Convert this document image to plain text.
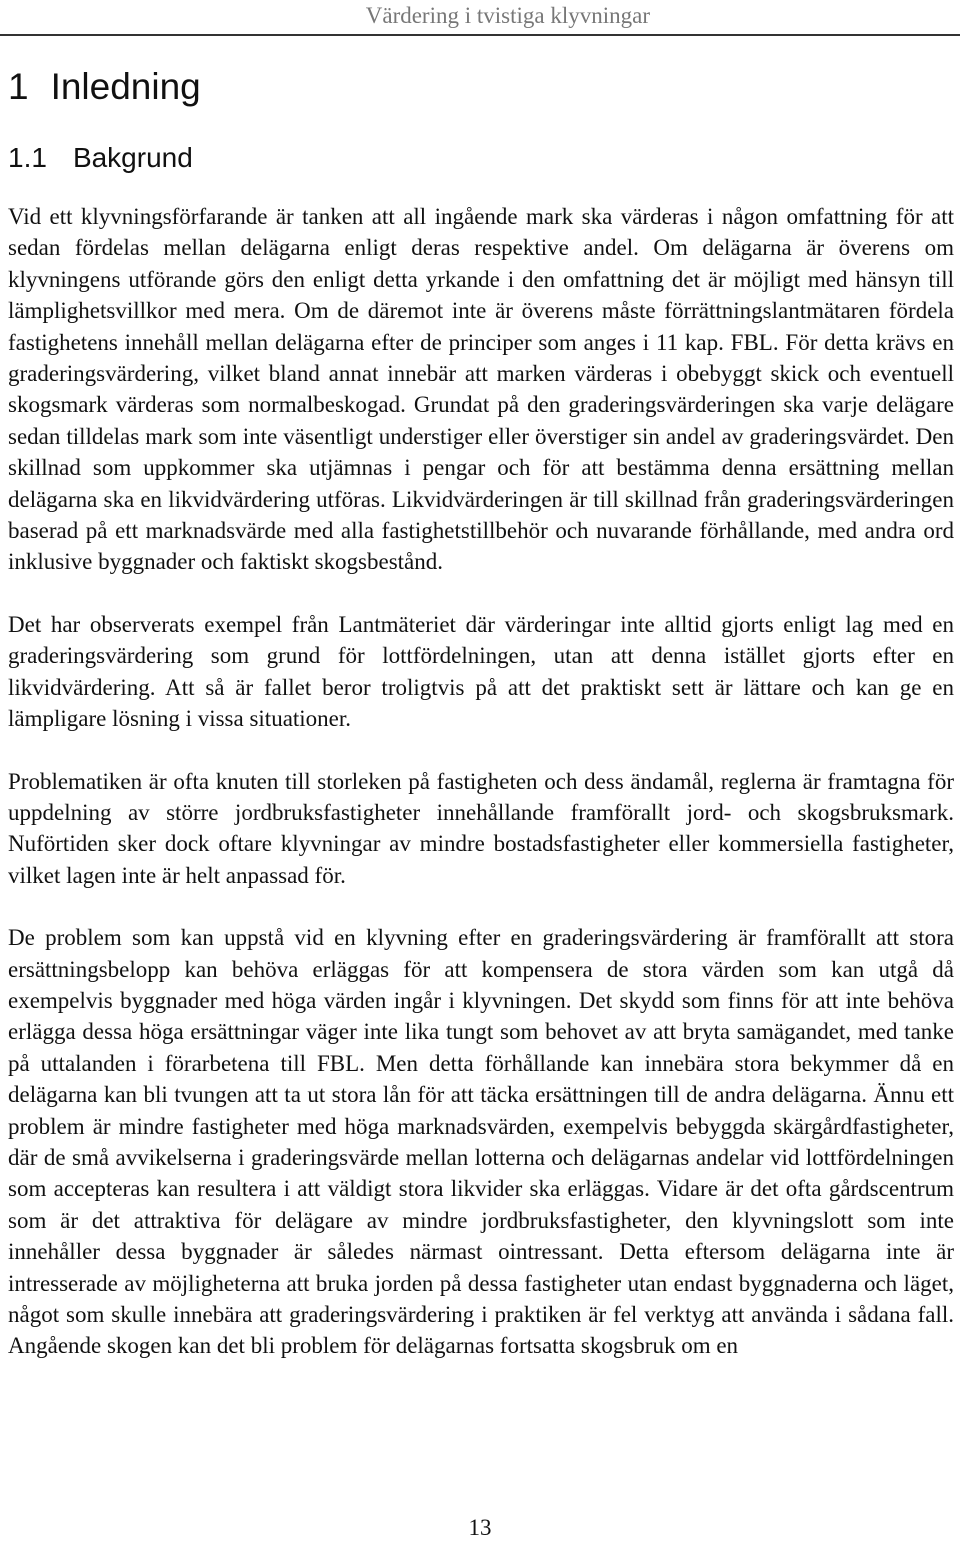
Värdering i tvistiga klyvningar
1 Inledning
1.1 Bakgrund

Vid ett klyvningsförfarande är tanken att all ingående mark ska värderas i någon omfattning för att sedan fördelas mellan delägarna enligt deras respektive andel. Om delägarna är överens om klyvningens utförande görs den enligt detta yrkande i den omfattning det är möjligt med hänsyn till lämplighetsvillkor med mera. Om de däremot inte är överens måste förrättningslantmätaren fördela fastighetens innehåll mellan delägarna efter de principer som anges i 11 kap. FBL. För detta krävs en graderingsvärdering, vilket bland annat innebär att marken värderas i obebyggt skick och eventuell skogsmark värderas som normalbeskogad. Grundat på den graderingsvärderingen ska varje delägare sedan tilldelas mark som inte väsentligt understiger eller överstiger sin andel av graderingsvärdet. Den skillnad som uppkommer ska utjämnas i pengar och för att bestämma denna ersättning mellan delägarna ska en likvidvärdering utföras. Likvidvärderingen är till skillnad från graderingsvärderingen baserad på ett marknadsvärde med alla fastighetstillbehör och nuvarande förhållande, med andra ord inklusive byggnader och faktiskt skogsbestånd.

Det har observerats exempel från Lantmäteriet där värderingar inte alltid gjorts enligt lag med en graderingsvärdering som grund för lottfördelningen, utan att denna istället gjorts efter en likvidvärdering. Att så är fallet beror troligtvis på att det praktiskt sett är lättare och kan ge en lämpligare lösning i vissa situationer.

Problematiken är ofta knuten till storleken på fastigheten och dess ändamål, reglerna är framtagna för uppdelning av större jordbruksfastigheter innehållande framförallt jord- och skogsbruksmark. Nuförtiden sker dock oftare klyvningar av mindre bostadsfastigheter eller kommersiella fastigheter, vilket lagen inte är helt anpassad för.

De problem som kan uppstå vid en klyvning efter en graderingsvärdering är framförallt att stora ersättningsbelopp kan behöva erläggas för att kompensera de stora värden som kan utgå då exempelvis byggnader med höga värden ingår i klyvningen. Det skydd som finns för att inte behöva erlägga dessa höga ersättningar väger inte lika tungt som behovet av att bryta samägandet, med tanke på uttalanden i förarbetena till FBL. Men detta förhållande kan innebära stora bekymmer då en delägarna kan bli tvungen att ta ut stora lån för att täcka ersättningen till de andra delägarna. Ännu ett problem är mindre fastigheter med höga marknadsvärden, exempelvis bebyggda skärgårdfastigheter, där de små avvikelserna i graderingsvärde mellan lotterna och delägarnas andelar vid lottfördelningen som accepteras kan resultera i att väldigt stora likvider ska erläggas. Vidare är det ofta gårdscentrum som är det attraktiva för delägare av mindre jordbruksfastigheter, den klyvningslott som inte innehåller dessa byggnader är således närmast ointressant. Detta eftersom delägarna inte är intresserade av möjligheterna att bruka jorden på dessa fastigheter utan endast byggnaderna och läget, något som skulle innebära att graderingsvärdering i praktiken är fel verktyg att använda i sådana fall. Angående skogen kan det bli problem för delägarnas fortsatta skogsbruk om en

13
